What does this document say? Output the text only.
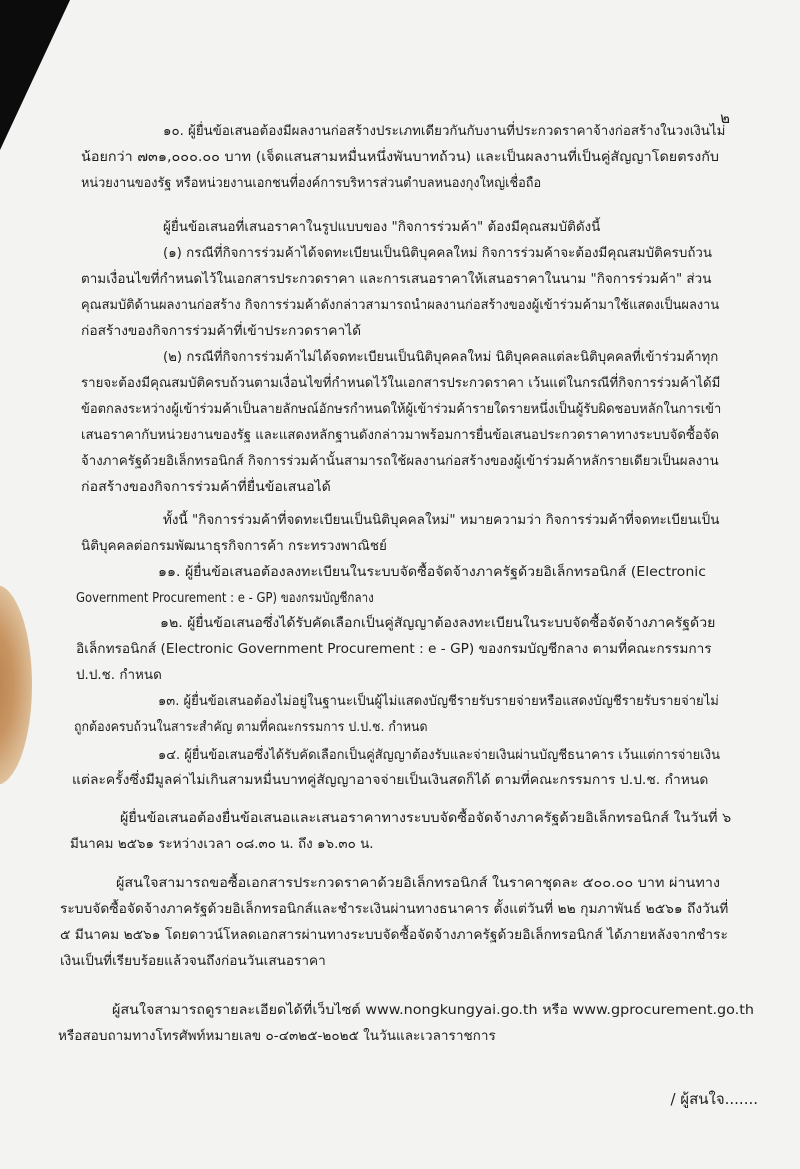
๒
๑๐. ผู้ยื่นข้อเสนอต้องมีผลงานก่อสร้างประเภทเดียวกันกับงานที่ประกวดราคาจ้างก่อสร้างในวงเงินไม่
น้อยกว่า ๗๓๑,๐๐๐.๐๐ บาท (เจ็ดแสนสามหมื่นหนึ่งพันบาทถ้วน) และเป็นผลงานที่เป็นคู่สัญญาโดยตรงกับ
หน่วยงานของรัฐ หรือหน่วยงานเอกชนที่องค์การบริหารส่วนตำบลหนองกุงใหญ่เชื่อถือ
ผู้ยื่นข้อเสนอที่เสนอราคาในรูปแบบของ "กิจการร่วมค้า" ต้องมีคุณสมบัติดังนี้
(๑) กรณีที่กิจการร่วมค้าได้จดทะเบียนเป็นนิติบุคคลใหม่ กิจการร่วมค้าจะต้องมีคุณสมบัติครบถ้วน
ตามเงื่อนไขที่กำหนดไว้ในเอกสารประกวดราคา และการเสนอราคาให้เสนอราคาในนาม "กิจการร่วมค้า" ส่วน
คุณสมบัติด้านผลงานก่อสร้าง กิจการร่วมค้าดังกล่าวสามารถนำผลงานก่อสร้างของผู้เข้าร่วมค้ามาใช้แสดงเป็นผลงาน
ก่อสร้างของกิจการร่วมค้าที่เข้าประกวดราคาได้
(๒) กรณีที่กิจการร่วมค้าไม่ได้จดทะเบียนเป็นนิติบุคคลใหม่ นิติบุคคลแต่ละนิติบุคคลที่เข้าร่วมค้าทุก
รายจะต้องมีคุณสมบัติครบถ้วนตามเงื่อนไขที่กำหนดไว้ในเอกสารประกวดราคา เว้นแต่ในกรณีที่กิจการร่วมค้าได้มี
ข้อตกลงระหว่างผู้เข้าร่วมค้าเป็นลายลักษณ์อักษรกำหนดให้ผู้เข้าร่วมค้ารายใดรายหนึ่งเป็นผู้รับผิดชอบหลักในการเข้า
เสนอราคากับหน่วยงานของรัฐ และแสดงหลักฐานดังกล่าวมาพร้อมการยื่นข้อเสนอประกวดราคาทางระบบจัดซื้อจัด
จ้างภาครัฐด้วยอิเล็กทรอนิกส์ กิจการร่วมค้านั้นสามารถใช้ผลงานก่อสร้างของผู้เข้าร่วมค้าหลักรายเดียวเป็นผลงาน
ก่อสร้างของกิจการร่วมค้าที่ยื่นข้อเสนอได้
ทั้งนี้ "กิจการร่วมค้าที่จดทะเบียนเป็นนิติบุคคลใหม่" หมายความว่า กิจการร่วมค้าที่จดทะเบียนเป็น
นิติบุคคลต่อกรมพัฒนาธุรกิจการค้า กระทรวงพาณิชย์
๑๑. ผู้ยื่นข้อเสนอต้องลงทะเบียนในระบบจัดซื้อจัดจ้างภาครัฐด้วยอิเล็กทรอนิกส์ (Electronic
Government Procurement : e - GP) ของกรมบัญชีกลาง
๑๒. ผู้ยื่นข้อเสนอซึ่งได้รับคัดเลือกเป็นคู่สัญญาต้องลงทะเบียนในระบบจัดซื้อจัดจ้างภาครัฐด้วย
อิเล็กทรอนิกส์ (Electronic Government Procurement : e - GP) ของกรมบัญชีกลาง ตามที่คณะกรรมการ
ป.ป.ช. กำหนด
๑๓. ผู้ยื่นข้อเสนอต้องไม่อยู่ในฐานะเป็นผู้ไม่แสดงบัญชีรายรับรายจ่ายหรือแสดงบัญชีรายรับรายจ่ายไม่
ถูกต้องครบถ้วนในสาระสำคัญ ตามที่คณะกรรมการ ป.ป.ช. กำหนด
๑๔. ผู้ยื่นข้อเสนอซึ่งได้รับคัดเลือกเป็นคู่สัญญาต้องรับและจ่ายเงินผ่านบัญชีธนาคาร เว้นแต่การจ่ายเงิน
แต่ละครั้งซึ่งมีมูลค่าไม่เกินสามหมื่นบาทคู่สัญญาอาจจ่ายเป็นเงินสดก็ได้ ตามที่คณะกรรมการ ป.ป.ช. กำหนด
ผู้ยื่นข้อเสนอต้องยื่นข้อเสนอและเสนอราคาทางระบบจัดซื้อจัดจ้างภาครัฐด้วยอิเล็กทรอนิกส์ ในวันที่ ๖
มีนาคม ๒๕๖๑ ระหว่างเวลา ๐๘.๓๐ น. ถึง ๑๖.๓๐ น.
ผู้สนใจสามารถขอซื้อเอกสารประกวดราคาด้วยอิเล็กทรอนิกส์ ในราคาชุดละ ๕๐๐.๐๐ บาท ผ่านทาง
ระบบจัดซื้อจัดจ้างภาครัฐด้วยอิเล็กทรอนิกส์และชำระเงินผ่านทางธนาคาร ตั้งแต่วันที่ ๒๒ กุมภาพันธ์ ๒๕๖๑ ถึงวันที่
๕ มีนาคม ๒๕๖๑ โดยดาวน์โหลดเอกสารผ่านทางระบบจัดซื้อจัดจ้างภาครัฐด้วยอิเล็กทรอนิกส์ ได้ภายหลังจากชำระ
เงินเป็นที่เรียบร้อยแล้วจนถึงก่อนวันเสนอราคา
ผู้สนใจสามารถดูรายละเอียดได้ที่เว็บไซต์ www.nongkungyai.go.th หรือ www.gprocurement.go.th
หรือสอบถามทางโทรศัพท์หมายเลข ๐-๔๓๒๕-๒๐๒๕ ในวันและเวลาราชการ
/ ผู้สนใจ.......
